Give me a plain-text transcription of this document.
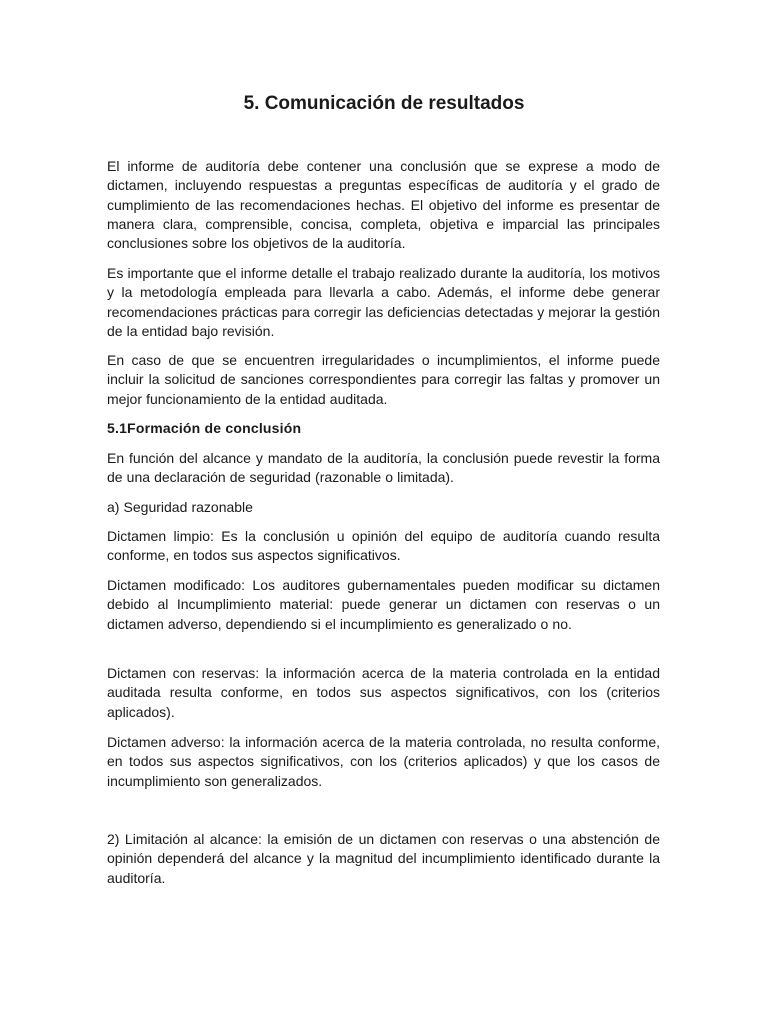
5. Comunicación de resultados

El informe de auditoría debe contener una conclusión que se exprese a modo de dictamen, incluyendo respuestas a preguntas específicas de auditoría y el grado de cumplimiento de las recomendaciones hechas. El objetivo del informe es presentar de manera clara, comprensible, concisa, completa, objetiva e imparcial las principales conclusiones sobre los objetivos de la auditoría.

Es importante que el informe detalle el trabajo realizado durante la auditoría, los motivos y la metodología empleada para llevarla a cabo. Además, el informe debe generar recomendaciones prácticas para corregir las deficiencias detectadas y mejorar la gestión de la entidad bajo revisión.

En caso de que se encuentren irregularidades o incumplimientos, el informe puede incluir la solicitud de sanciones correspondientes para corregir las faltas y promover un mejor funcionamiento de la entidad auditada.

5.1Formación de conclusión

En función del alcance y mandato de la auditoría, la conclusión puede revestir la forma de una declaración de seguridad (razonable o limitada).

a) Seguridad razonable

Dictamen limpio: Es la conclusión u opinión del equipo de auditoría cuando resulta conforme, en todos sus aspectos significativos.

Dictamen modificado: Los auditores gubernamentales pueden modificar su dictamen debido al Incumplimiento material: puede generar un dictamen con reservas o un dictamen adverso, dependiendo si el incumplimiento es generalizado o no.

Dictamen con reservas: la información acerca de la materia controlada en la entidad auditada resulta conforme, en todos sus aspectos significativos, con los (criterios aplicados).

Dictamen adverso: la información acerca de la materia controlada, no resulta conforme, en todos sus aspectos significativos, con los (criterios aplicados) y que los casos de incumplimiento son generalizados.

2) Limitación al alcance: la emisión de un dictamen con reservas o una abstención de opinión dependerá del alcance y la magnitud del incumplimiento identificado durante la auditoría.
